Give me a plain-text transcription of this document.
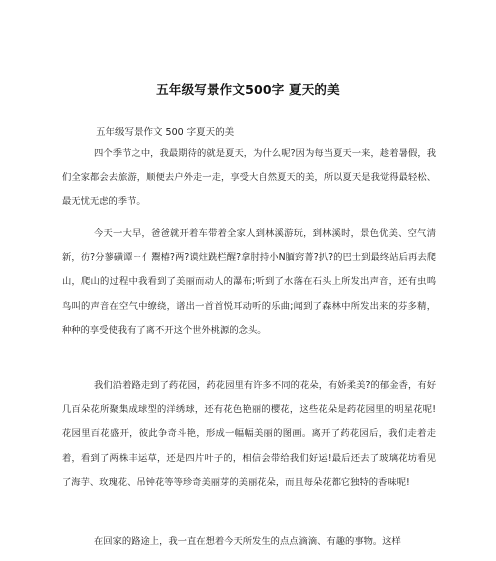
五年级写景作文500字 夏天的美
五年级写景作文 500 字夏天的美

四个季节之中，我最期待的就是夏天，为什么呢?因为每当夏天一来，趁着暑假，我们全家都会去旅游，顺便去户外走一走，享受大自然夏天的美，所以夏天是我觉得最轻松、最无忧无虑的季节。

今天一大早，爸爸就开着车带着全家人到林溪游玩，到林溪时，景色优美、空气清新，彷?分蓼磺谭ㄧ亻鬻椿?两?谟炷跣栏醒?拿肘持小N腼窍菁?扒?的巴士到最终站后再去爬山，爬山的过程中我看到了美丽而动人的瀑布;听到了水落在石头上所发出声音，还有虫鸣鸟叫的声音在空气中缭绕，谱出一首首悦耳动听的乐曲;闻到了森林中所发出来的芬多精，种种的享受使我有了离不开这个世外桃源的念头。

我们沿着路走到了药花园，药花园里有许多不同的花朵，有娇柔美?的郁金香，有好几百朵花所聚集成球型的洋绣球，还有花色艳丽的樱花，这些花朵是药花园里的明星花呢!花园里百花盛开，彼此争奇斗艳，形成一幅幅美丽的图画。离开了药花园后，我们走着走着，看到了两株丰运草，还是四片叶子的，相信会带给我们好运!最后还去了玻璃花坊看见了海芋、玫瑰花、吊钟花等等珍奇美丽芽的美丽花朵，而且每朵花都它独特的香味呢!

在回家的路途上，我一直在想着今天所发生的点点滴滴、有趣的事物。这样
